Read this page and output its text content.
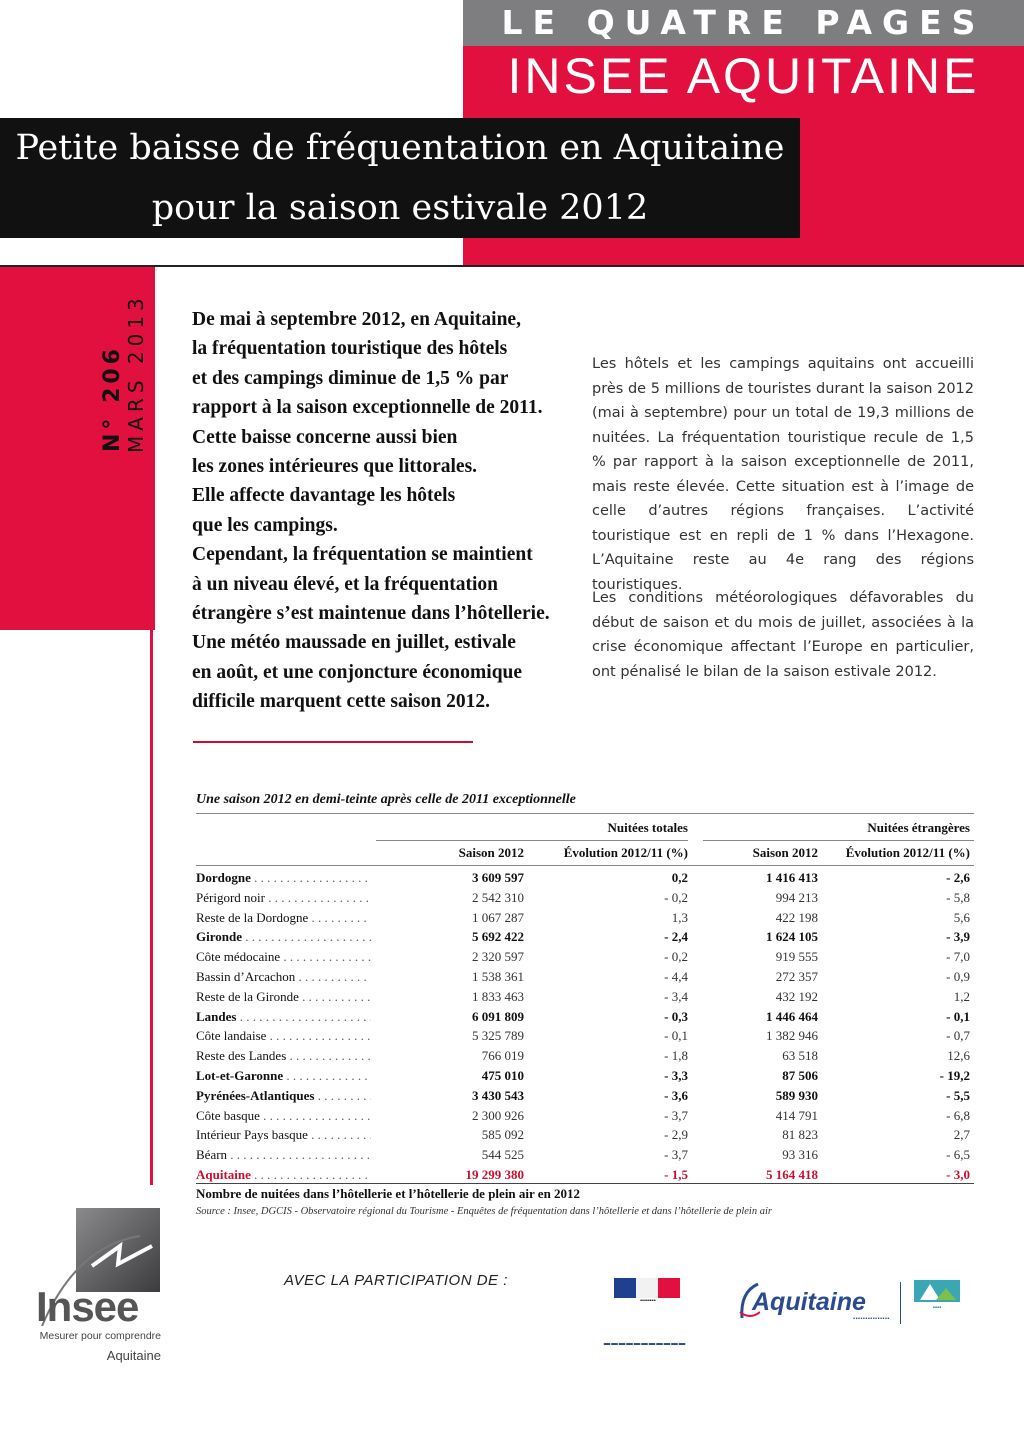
LE QUATRE PAGES
INSEE AQUITAINE
Petite baisse de fréquentation en Aquitaine
pour la saison estivale 2012
N° 206 MARS 2013 De mai à septembre 2012, en Aquitaine,
la fréquentation touristique des hôtels
et des campings diminue de 1,5 % par
rapport à la saison exceptionnelle de 2011.
Cette baisse concerne aussi bien
les zones intérieures que littorales.
Elle affecte davantage les hôtels
que les campings.
Cependant, la fréquentation se maintient
à un niveau élevé, et la fréquentation
étrangère s’est maintenue dans l’hôtellerie.
Une météo maussade en juillet, estivale
en août, et une conjoncture économique
difficile marquent cette saison 2012.
Les hôtels et les campings aquitains ont accueilli près de 5 millions de touristes durant la saison 2012 (mai à septembre) pour un total de 19,3 millions de nuitées. La fréquentation touristique recule de 1,5 % par rapport à la saison exceptionnelle de 2011, mais reste élevée. Cette situation est à l’image de celle d’autres régions françaises. L’activité touristique est en repli de 1 % dans l’Hexagone. L’Aquitaine reste au 4e rang des régions touristiques.
Les conditions météorologiques défavorables du début de saison et du mois de juillet, associées à la crise économique affectant l’Europe en particulier, ont pénalisé le bilan de la saison estivale 2012.
Une saison 2012 en demi-teinte après celle de 2011 exceptionnelle
Nuitées totales	Nuitées étrangères
Saison 2012	Évolution 2012/11 (%)	Saison 2012	Évolution 2012/11 (%)
Dordogne . . .	3 609 597	0,2	1 416 413	- 2,6
Périgord noir . . .	2 542 310	- 0,2	994 213	- 5,8
Reste de la Dordogne . . .	1 067 287	1,3	422 198	5,6
Gironde . . .	5 692 422	- 2,4	1 624 105	- 3,9
Côte médocaine . . .	2 320 597	- 0,2	919 555	- 7,0
Bassin d’Arcachon . . .	1 538 361	- 4,4	272 357	- 0,9
Reste de la Gironde . . .	1 833 463	- 3,4	432 192	1,2
Landes . . .	6 091 809	- 0,3	1 446 464	- 0,1
Côte landaise . . .	5 325 789	- 0,1	1 382 946	- 0,7
Reste des Landes . . .	766 019	- 1,8	63 518	12,6
Lot-et-Garonne . . .	475 010	- 3,3	87 506	- 19,2
Pyrénées-Atlantiques . . .	3 430 543	- 3,6	589 930	- 5,5
Côte basque . . .	2 300 926	- 3,7	414 791	- 6,8
Intérieur Pays basque . . .	585 092	- 2,9	81 823	2,7
Béarn . . .	544 525	- 3,7	93 316	- 6,5
Aquitaine . . .	19 299 380	- 1,5	5 164 418	- 3,0
Nombre de nuitées dans l’hôtellerie et l’hôtellerie de plein air en 2012
Source : Insee, DGCIS - Observatoire régional du Tourisme - Enquêtes de fréquentation dans l’hôtellerie et dans l’hôtellerie de plein air
Insee
Mesurer pour comprendre
Aquitaine
AVEC LA PARTICIPATION DE :
▪▪▪▪▪▪▪▪
▬▬▬▬▬▬▬▬▬▬▬
Aquitaine
▪▪▪▪▪▪▪▪▪▪▪▪▪▪▪
▪▪▪▪
